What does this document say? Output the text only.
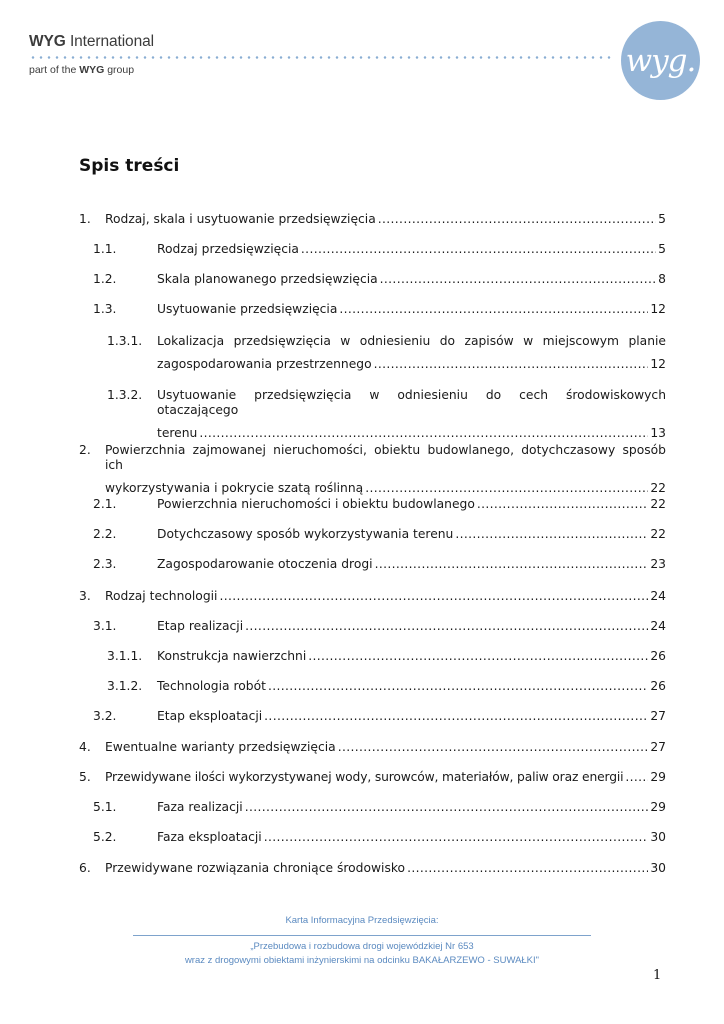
WYG International
part of the WYG group	wyg.
Spis treści
1.	Rodzaj, skala i usytuowanie przedsięwzięcia .....	5
1.1.	Rodzaj przedsięwzięcia .....	5
1.2.	Skala planowanego przedsięwzięcia .....	8
1.3.	Usytuowanie przedsięwzięcia .....	12
1.3.1.	Lokalizacja przedsięwzięcia w odniesieniu do zapisów w miejscowym planie
zagospodarowania przestrzennego .....	12
1.3.2.	Usytuowanie przedsięwzięcia w odniesieniu do cech środowiskowych otaczającego
terenu .....	13
2.	Powierzchnia zajmowanej nieruchomości, obiektu budowlanego, dotychczasowy sposób ich
wykorzystywania i pokrycie szatą roślinną .....	22
2.1.	Powierzchnia nieruchomości i obiektu budowlanego .....	22
2.2.	Dotychczasowy sposób wykorzystywania terenu .....	22
2.3.	Zagospodarowanie otoczenia drogi .....	23
3.	Rodzaj technologii .....	24
3.1.	Etap realizacji .....	24
3.1.1.	Konstrukcja nawierzchni .....	26
3.1.2.	Technologia robót .....	26
3.2.	Etap eksploatacji .....	27
4.	Ewentualne warianty przedsięwzięcia .....	27
5.	Przewidywane ilości wykorzystywanej wody, surowców, materiałów, paliw oraz energii ..... 29
5.1.	Faza realizacji .....	29
5.2.	Faza eksploatacji .....	30
6.	Przewidywane rozwiązania chroniące środowisko .....	30
Karta Informacyjna Przedsięwzięcia:
„Przebudowa i rozbudowa drogi wojewódzkiej Nr 653
wraz z drogowymi obiektami inżynierskimi na odcinku BAKAŁARZEWO - SUWAŁKI"
1
